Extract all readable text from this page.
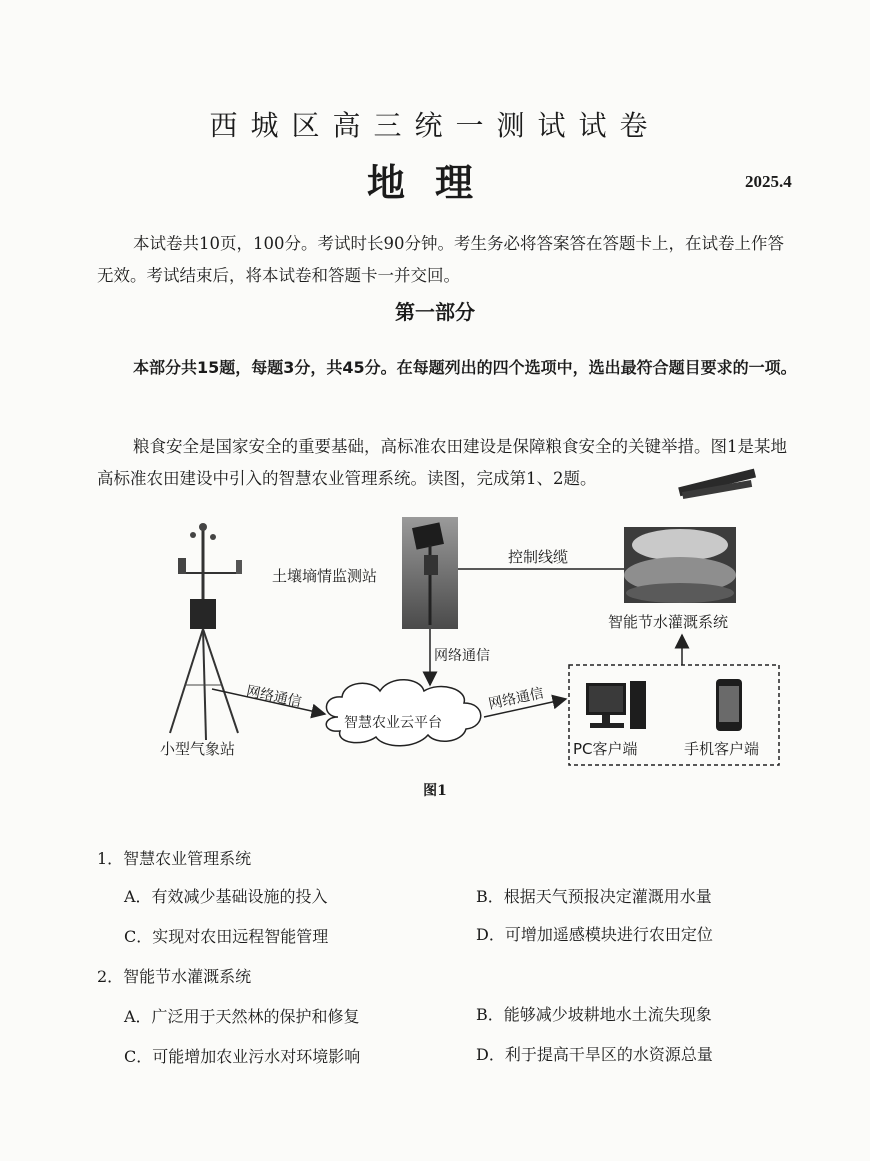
西城区高三统一测试试卷
地理	2025.4
本试卷共10页，100分。考试时长90分钟。考生务必将答案答在答题卡上，在试卷上作答无效。考试结束后，将本试卷和答题卡一并交回。
第一部分
本部分共15题，每题3分，共45分。在每题列出的四个选项中，选出最符合题目要求的一项。
粮食安全是国家安全的重要基础，高标准农田建设是保障粮食安全的关键举措。图1是某地高标准农田建设中引入的智慧农业管理系统。读图，完成第1、2题。
土壤墒情监测站
控制线缆
智能节水灌溉系统
网络通信
网络通信	网络通信
智慧农业云平台
小型气象站	PC客户端	手机客户端
图1
1．智慧农业管理系统
A．有效减少基础设施的投入	B．根据天气预报决定灌溉用水量
C．实现对农田远程智能管理	D．可增加遥感模块进行农田定位
2．智能节水灌溉系统
A．广泛用于天然林的保护和修复	B．能够减少坡耕地水土流失现象
C．可能增加农业污水对环境影响	D．利于提高干旱区的水资源总量
